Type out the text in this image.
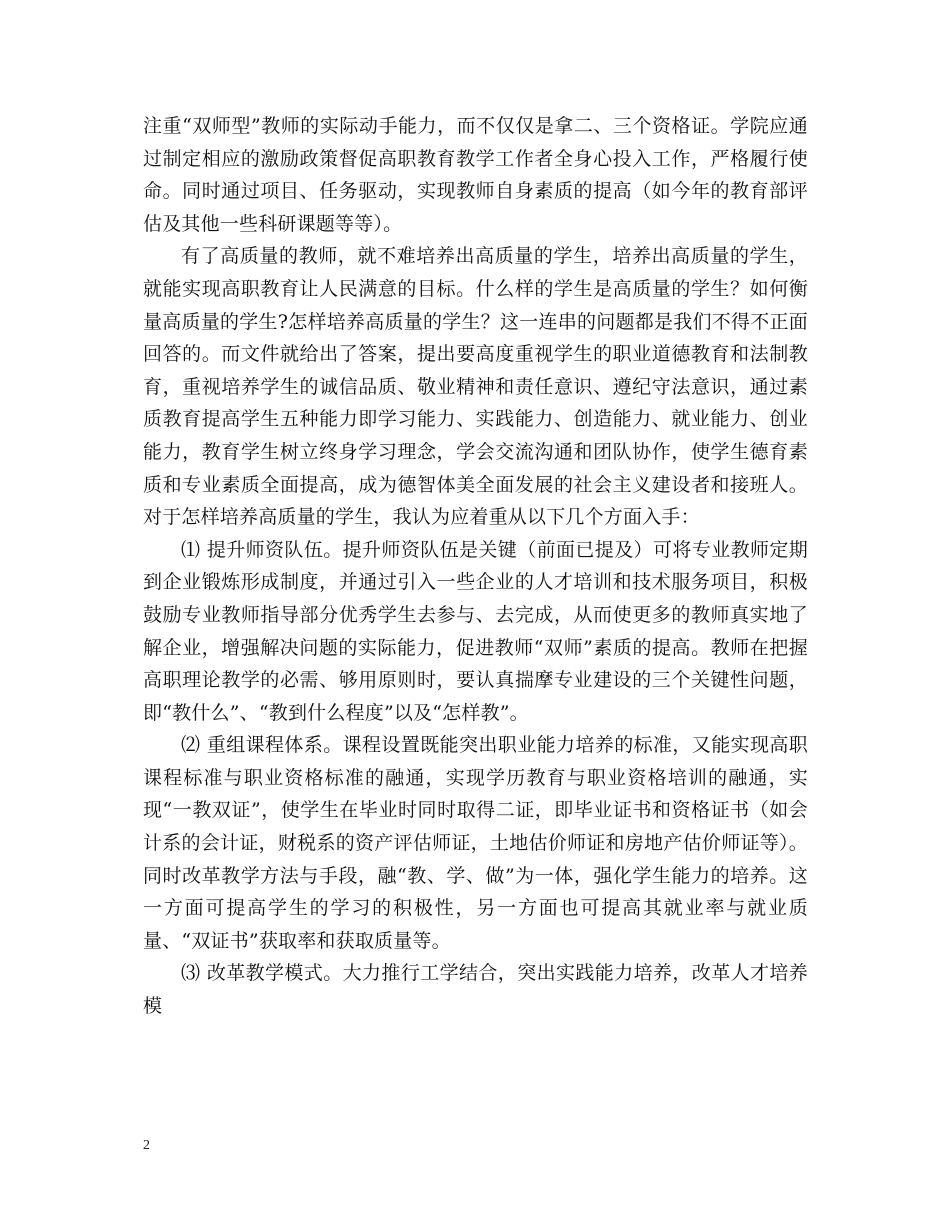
注重“双师型”教师的实际动手能力，而不仅仅是拿二、三个资格证。学院应通过制定相应的激励政策督促高职教育教学工作者全身心投入工作，严格履行使命。同时通过项目、任务驱动，实现教师自身素质的提高（如今年的教育部评估及其他一些科研课题等等）。

有了高质量的教师，就不难培养出高质量的学生，培养出高质量的学生，就能实现高职教育让人民满意的目标。什么样的学生是高质量的学生？如何衡量高质量的学生?怎样培养高质量的学生？这一连串的问题都是我们不得不正面回答的。而文件就给出了答案，提出要高度重视学生的职业道德教育和法制教育，重视培养学生的诚信品质、敬业精神和责任意识、遵纪守法意识，通过素质教育提高学生五种能力即学习能力、实践能力、创造能力、就业能力、创业能力，教育学生树立终身学习理念，学会交流沟通和团队协作，使学生德育素质和专业素质全面提高，成为德智体美全面发展的社会主义建设者和接班人。对于怎样培养高质量的学生，我认为应着重从以下几个方面入手：

⑴ 提升师资队伍。提升师资队伍是关键（前面已提及）可将专业教师定期到企业锻炼形成制度，并通过引入一些企业的人才培训和技术服务项目，积极鼓励专业教师指导部分优秀学生去参与、去完成，从而使更多的教师真实地了解企业，增强解决问题的实际能力，促进教师“双师”素质的提高。教师在把握高职理论教学的必需、够用原则时，要认真揣摩专业建设的三个关键性问题，即“教什么”、“教到什么程度”以及“怎样教”。

⑵ 重组课程体系。课程设置既能突出职业能力培养的标准，又能实现高职课程标准与职业资格标准的融通，实现学历教育与职业资格培训的融通，实现“一教双证”，使学生在毕业时同时取得二证，即毕业证书和资格证书（如会计系的会计证，财税系的资产评估师证，土地估价师证和房地产估价师证等）。同时改革教学方法与手段，融“教、学、做”为一体，强化学生能力的培养。这一方面可提高学生的学习的积极性，另一方面也可提高其就业率与就业质量、“双证书”获取率和获取质量等。

⑶ 改革教学模式。大力推行工学结合，突出实践能力培养，改革人才培养模

2
